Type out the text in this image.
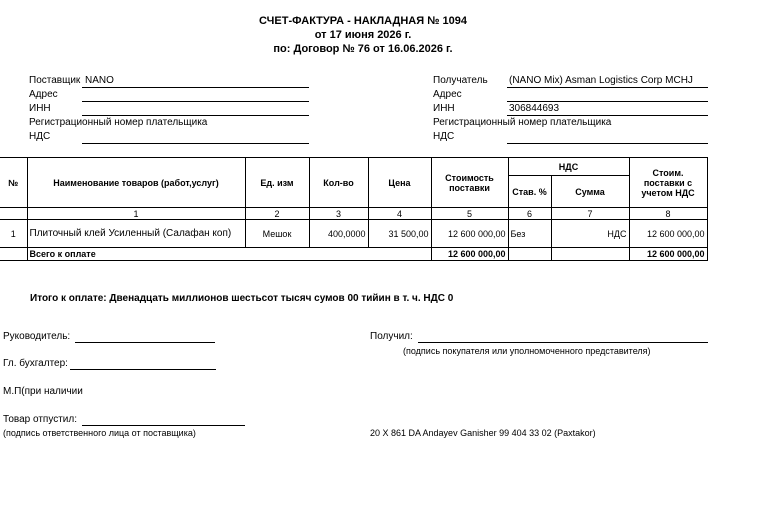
СЧЕТ-ФАКТУРА - НАКЛАДНАЯ № 1094
от 17 июня 2026 г.
по: Договор № 76 от 16.06.2026 г.
Поставщик NANO
Адрес
ИНН
Регистрационный номер плательщика
НДС
Получатель (NANO Mix) Asman Logistics Corp MCHJ
Адрес
ИНН	306844693
Регистрационный номер плательщика
НДС
№	Наименование товаров (работ,услуг)	Ед. изм	Кол-во	Цена	Стоимость поставки	НДС		Стоим. поставки с учетом НДС
						Став. %	Сумма	
	1	2	3	4	5	6	7	8
1	Плиточный клей Усиленный (Салафан коп)	Мешок	400,0000	31 500,00	12 600 000,00	Без	НДС	12 600 000,00
	Всего к оплате				12 600 000,00			12 600 000,00
Итого к оплате: Двенадцать миллионов шестьсот тысяч сумов 00 тийин в т. ч. НДС 0
Руководитель:	Получил:
(подпись покупателя или уполномоченного представителя)
Гл. бухгалтер:
М.П(при наличии
Товар отпустил:
(подпись ответственного лица от поставщика)	20 X 861 DA Andayev Ganisher 99 404 33 02 (Paxtakor)
